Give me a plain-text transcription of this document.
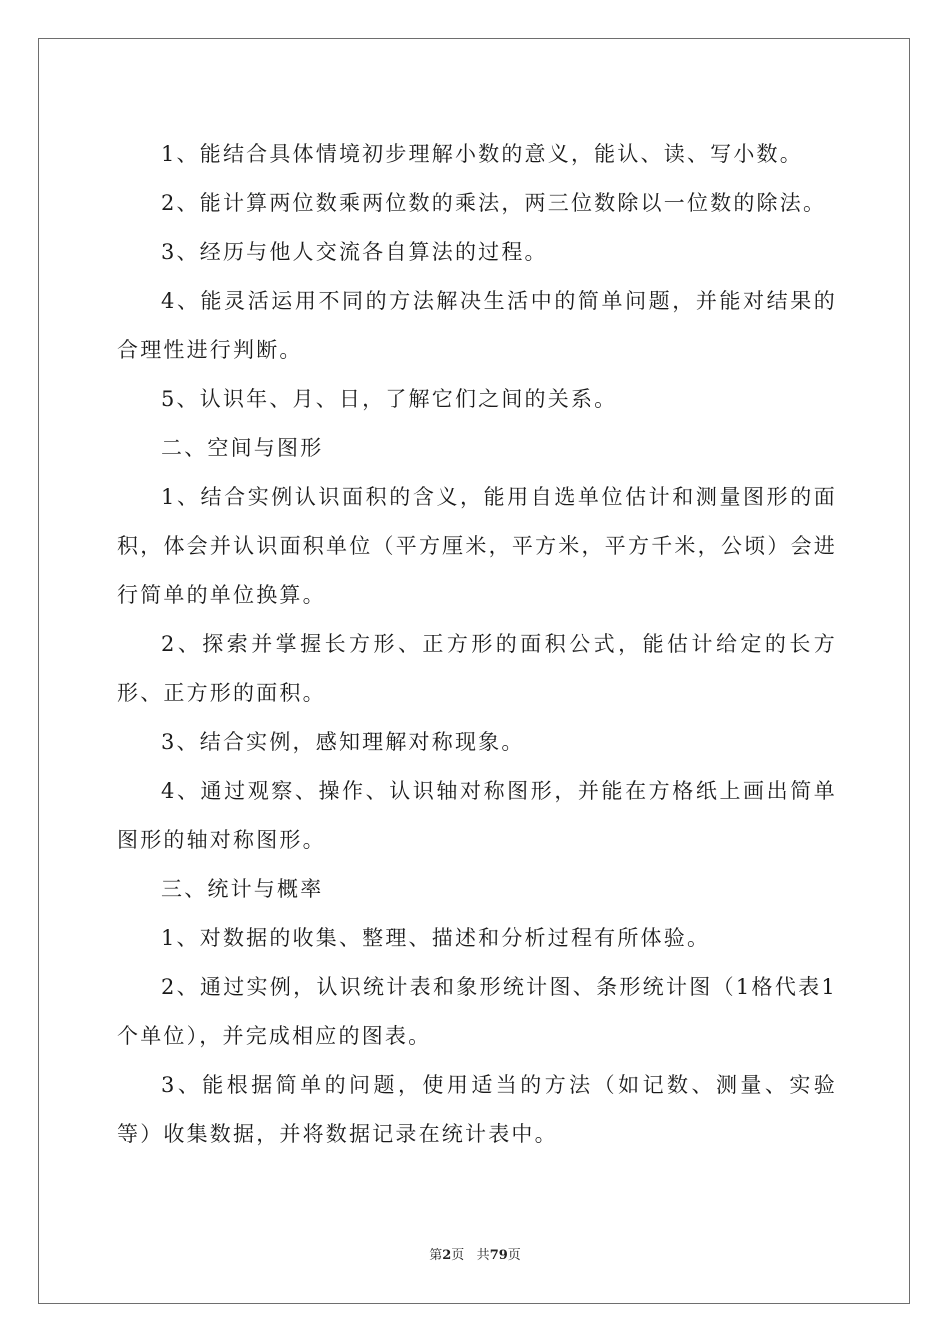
1、能结合具体情境初步理解小数的意义，能认、读、写小数。

2、能计算两位数乘两位数的乘法，两三位数除以一位数的除法。

3、经历与他人交流各自算法的过程。

4、能灵活运用不同的方法解决生活中的简单问题，并能对结果的合理性进行判断。

5、认识年、月、日，了解它们之间的关系。

二、空间与图形

1、结合实例认识面积的含义，能用自选单位估计和测量图形的面积，体会并认识面积单位（平方厘米，平方米，平方千米，公顷）会进行简单的单位换算。

2、探索并掌握长方形、正方形的面积公式，能估计给定的长方形、正方形的面积。

3、结合实例，感知理解对称现象。

4、通过观察、操作、认识轴对称图形，并能在方格纸上画出简单图形的轴对称图形。

三、统计与概率

1、对数据的收集、整理、描述和分析过程有所体验。

2、通过实例，认识统计表和象形统计图、条形统计图（1格代表1个单位），并完成相应的图表。

3、能根据简单的问题，使用适当的方法（如记数、测量、实验等）收集数据，并将数据记录在统计表中。

第2页 共79页
